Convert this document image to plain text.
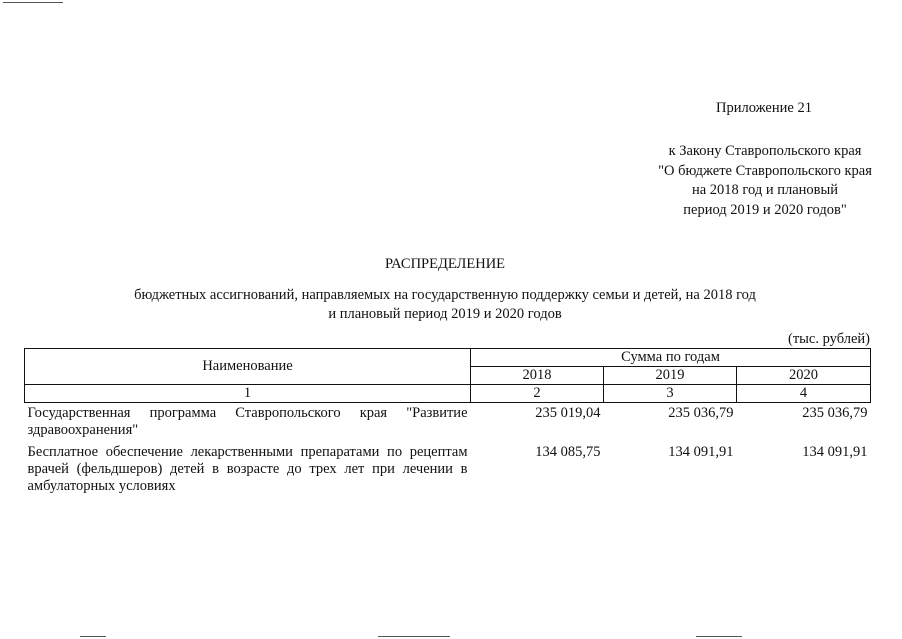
Приложение 21
к Закону Ставропольского края
"О бюджете Ставропольского края
на 2018 год и плановый
период 2019 и 2020 годов"
РАСПРЕДЕЛЕНИЕ
бюджетных ассигнований, направляемых на государственную поддержку семьи и детей, на 2018 год
и плановый период 2019 и 2020 годов
(тыс. рублей)
Наименование	Сумма по годам		
	2018	2019	2020
1	2	3	4
Государственная программа Ставропольского края "Развитие здравоохранения"	235 019,04	235 036,79	235 036,79
Бесплатное обеспечение лекарственными препаратами по рецептам врачей (фельдшеров) детей в возрасте до трех лет при лечении в амбулаторных условиях	134 085,75	134 091,91	134 091,91
